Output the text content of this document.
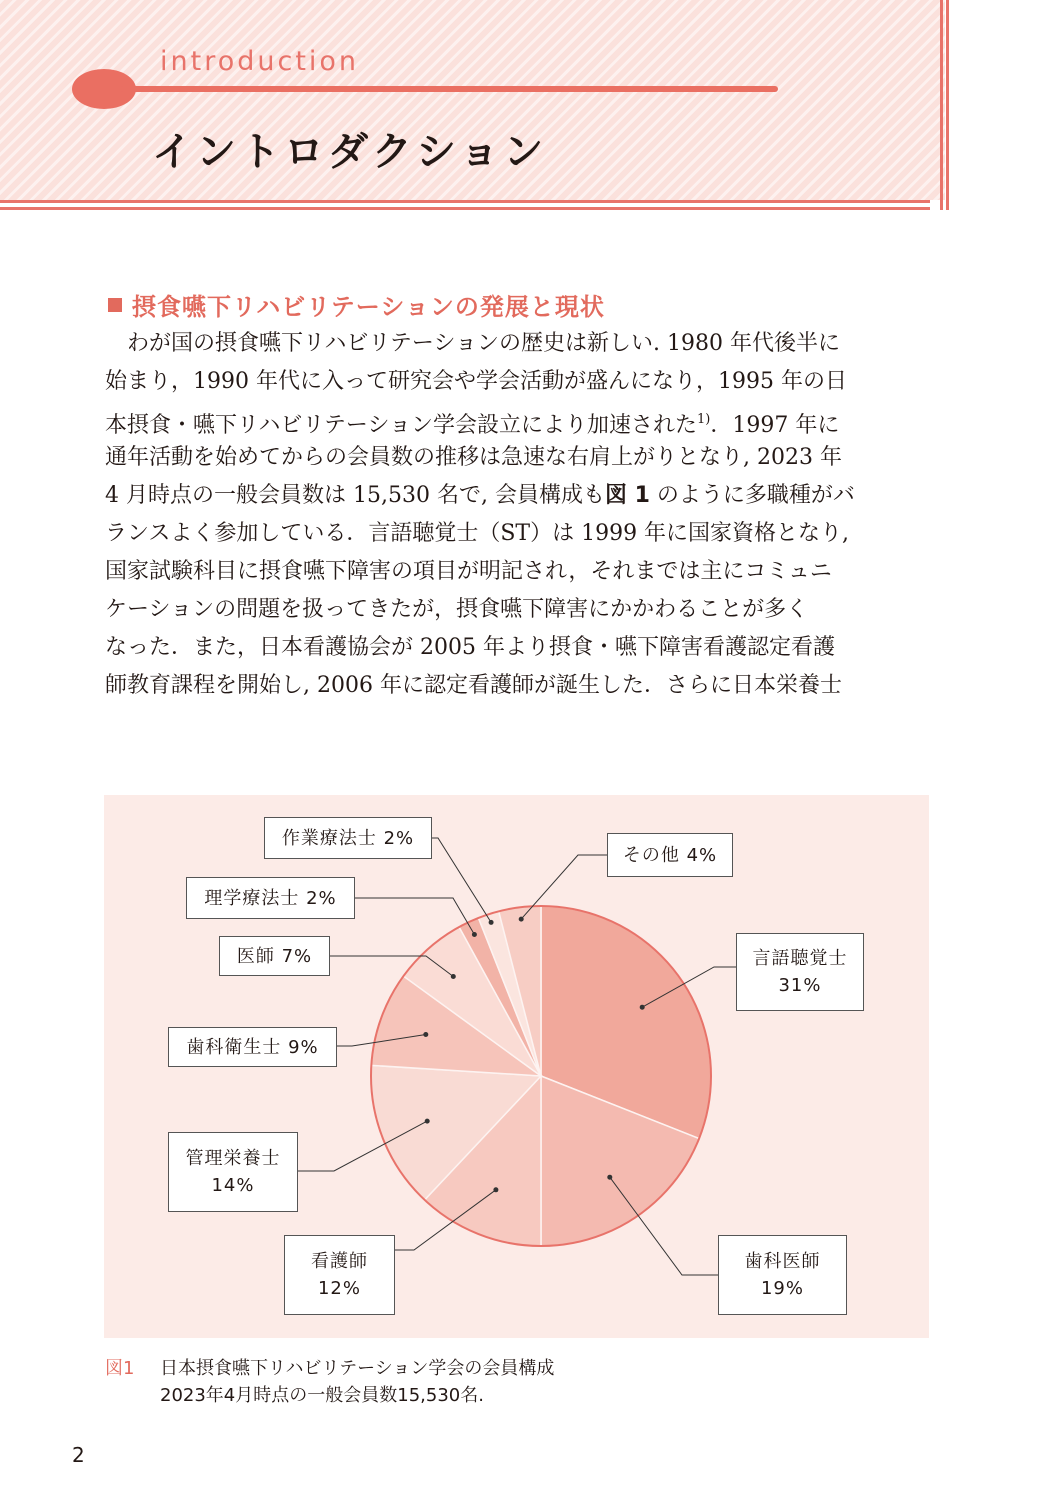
introduction
イントロダクション
摂食嚥下リハビリテーションの発展と現状
　わが国の摂食嚥下リハビリテーションの歴史は新しい. 1980 年代後半に
始まり，1990 年代に入って研究会や学会活動が盛んになり，1995 年の日
本摂食・嚥下リハビリテーション学会設立により加速された$^{1)}$．1997 年に
通年活動を始めてからの会員数の推移は急速な右肩上がりとなり, 2023 年
4 月時点の一般会員数は 15,530 名で, 会員構成も図 1 のように多職種がバ
ランスよく参加している．言語聴覚士（ST）は 1999 年に国家資格となり,
国家試験科目に摂食嚥下障害の項目が明記され，それまでは主にコミュニ
ケーションの問題を扱ってきたが，摂食嚥下障害にかかわることが多く
なった．また，日本看護協会が 2005 年より摂食・嚥下障害看護認定看護
師教育課程を開始し, 2006 年に認定看護師が誕生した．さらに日本栄養士
言語聴覚士
31%
歯科医師
19%
看護師
12%
管理栄養士
14%
歯科衛生士 9%
医師 7%
理学療法士 2%
作業療法士 2%
その他 4%
図1 日本摂食嚥下リハビリテーション学会の会員構成
2023年4月時点の一般会員数15,530名.
2
